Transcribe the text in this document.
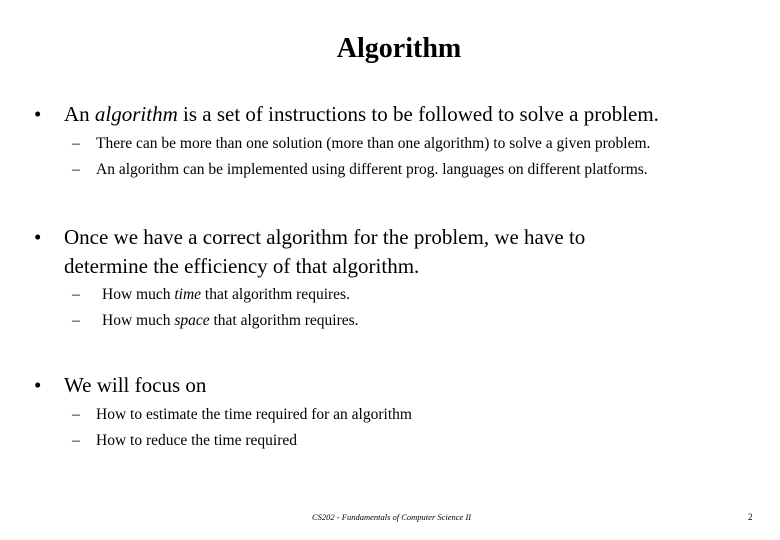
Algorithm
• An algorithm is a set of instructions to be followed to solve a problem.
– There can be more than one solution (more than one algorithm) to solve a given problem.
– An algorithm can be implemented using different prog. languages on different platforms.
• Once we have a correct algorithm for the problem, we have to
determine the efficiency of that algorithm.
– How much time that algorithm requires.
– How much space that algorithm requires.
• We will focus on
– How to estimate the time required for an algorithm
– How to reduce the time required
CS202 - Fundamentals of Computer Science II	2
